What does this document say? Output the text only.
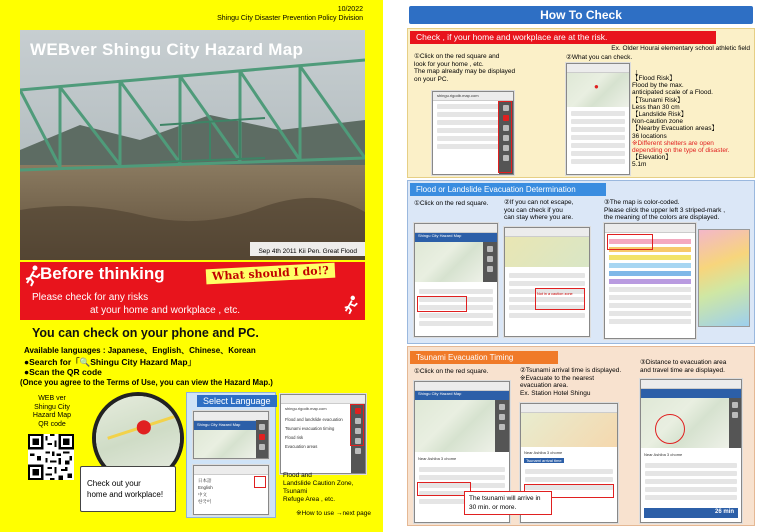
10/2022
Shingu City Disaster Prevention Policy Division
WEBver Shingu City Hazard Map
Sep 4th 2011 Kii Pen. Great Flood
Before thinking	What should I do!?
Please check for any risks
at your home and workplace , etc.
You can check on your phone and PC.
Available languages : Japanese、English、Chinese、Korean
●Search for「🔍Shingu City Hazard Map」
●Scan the QR code
(Once you agree to the Terms of Use, you can view the Hazard Map.)
WEB ver
Shingu City
Hazard Map
QR code	⬤
Check out your
home and workplace!
Select Language
Shingu City Hazard Map
日本語
English
中文
한국어
shingu.rigodb.map.com
Flood and landslide evacuation
Tsunami evacuation timing
Flood risk
Evacuation areas
Flood and
Landslide Caution Zone,
Tsunami
Refuge Area , etc.
※How to use →next page
How To Check
Check , if your home and workplace are at the risk.
Ex. Older Hourai elementary school athletic field
①Click on the red square and
look for your home , etc.
The map already may be displayed
on your PC.
②What you can check.
shingu.rigodb.map.com
●
↓
【Flood Risk】
Flood by the max.
anticipated scale of a Flood.
【Tsunami Risk】
Less than 30 cm
【Landslide Risk】
Non-caution zone
【Nearby Evacuation areas】
36 locations
※Different shelters are open
depending on the type of disaster.
【Elevation】
5.1m
Flood or Landslide Evacuation Determination
①Click on the red square. ②If you can not escape,
you can check if you
can stay where you are.
③The map is color-coded.
Please click the upper left 3 striped-mark ,
the meaning of the colors are displayed.
Shingu City Hazard Map
Not in a caution zone
Tsunami Evacuation Timing
①Click on the red square.	②Tsunami arrival time is displayed.
※Evacuate to the nearest
evacuation area.
Ex. Station Hotel Shingu
③Distance to evacuation area
and travel time are displayed.
Shingu City Hazard Map
Near Ashiba 3 chome
Near Ashiba 3 chome
Tsunami arrival time
The tsunami will arrive in
30 min. or more.
Near Ashiba 3 chome
26 min
